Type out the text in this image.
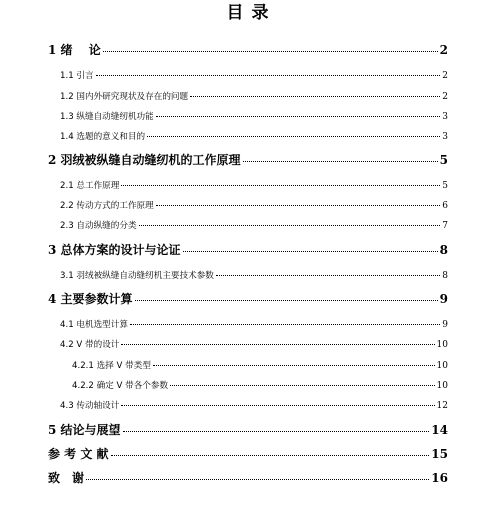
目 录
1 绪　 论	2
1.1 引言	2
1.2 国内外研究现状及存在的问题	2
1.3 纵缝自动缝纫机功能	3
1.4 选题的意义和目的	3
2 羽绒被纵缝自动缝纫机的工作原理	5
2.1 总工作原理	5
2.2 传动方式的工作原理	6
2.3 自动纵缝的分类	7
3 总体方案的设计与论证	8
3.1 羽绒被纵缝自动缝纫机主要技术参数	8
4 主要参数计算	9
4.1 电机选型计算	9
4.2 V 带的设计	10
4.2.1 选择 V 带类型	10
4.2.2 确定 V 带各个参数	10
4.3 传动轴设计	12
5 结论与展望	14
参 考 文 献	15
致　谢	16
